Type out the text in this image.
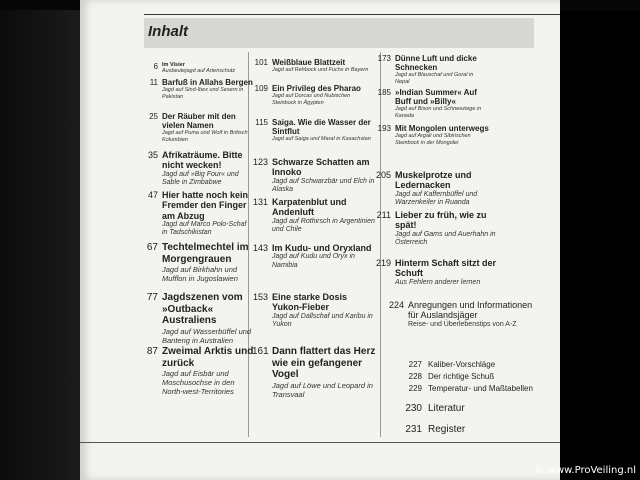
Inhalt
6 Im Visier
Ausbeutejagd auf Artenschutz
11 Barfuß in Allahs Bergen
Jagd auf Sind-Ibex und Sesern in Pakistan
25 Der Räuber mit den vielen Namen
Jagd auf Puma und Wolf in Britisch Kolumbien
35 Afrikaträume. Bitte nicht wecken!
Jagd auf »Big Four« und Sable in Zimbabwe
47 Hier hatte noch kein Fremder den Finger am Abzug
Jagd auf Marco Polo-Schaf in Tadschikistan
67 Techtelmechtel im Morgengrauen
Jagd auf Birkhahn und Mufflon in Jugoslawien
77 Jagdszenen vom »Outback« Australiens
Jagd auf Wasserbüffel und Banteng in Australien
87 Zweimal Arktis und zurück
Jagd auf Eisbär und Moschusochse in den North-west-Territories
101 Weißblaue Blattzeit
Jagd auf Rehbock und Fuchs in Bayern
109 Ein Privileg des Pharao
Jagd auf Dorcas und Nubischen Steinbock in Ägypten
115 Saiga. Wie die Wasser der Sintflut
Jagd auf Saiga und Maral in Kasachstan
123 Schwarze Schatten am Innoko
Jagd auf Schwarzbär und Elch in Alaska
131 Karpatenblut und Andenluft
Jagd auf Rothirsch in Argentinien und Chile
143 Im Kudu- und Oryxland
Jagd auf Kudu und Oryx in Namibia
153 Eine starke Dosis Yukon-Fieber
Jagd auf Dallschaf und Karibu in Yukon
161 Dann flattert das Herz wie ein gefangener Vogel
Jagd auf Löwe und Leopard in Transvaal
173 Dünne Luft und dicke Schnecken
Jagd auf Blauschaf und Goral in Nepal
185 »Indian Summer« Auf Buff und »Billy«
Jagd auf Bison und Schneeziege in Kanada
193 Mit Mongolen unterwegs
Jagd auf Argali und Sibirischen Steinbock in der Mongolei
205 Muskelprotze und Ledernacken
Jagd auf Kaffernbüffel und Warzenkeiler in Ruanda
211 Lieber zu früh, wie zu spät!
Jagd auf Gams und Auerhahn in Österreich
219 Hinterm Schaft sitzt der Schuft
Aus Fehlern anderer lernen
224 Anregungen und Informationen für Auslandsjäger
Reise- und Überlebenstips von A-Z
227 Kaliber-Vorschläge
228 Der richtige Schuß
229 Temperatur- und Maßtabellen
230 Literatur
231 Register
© www.ProVeiling.nl
